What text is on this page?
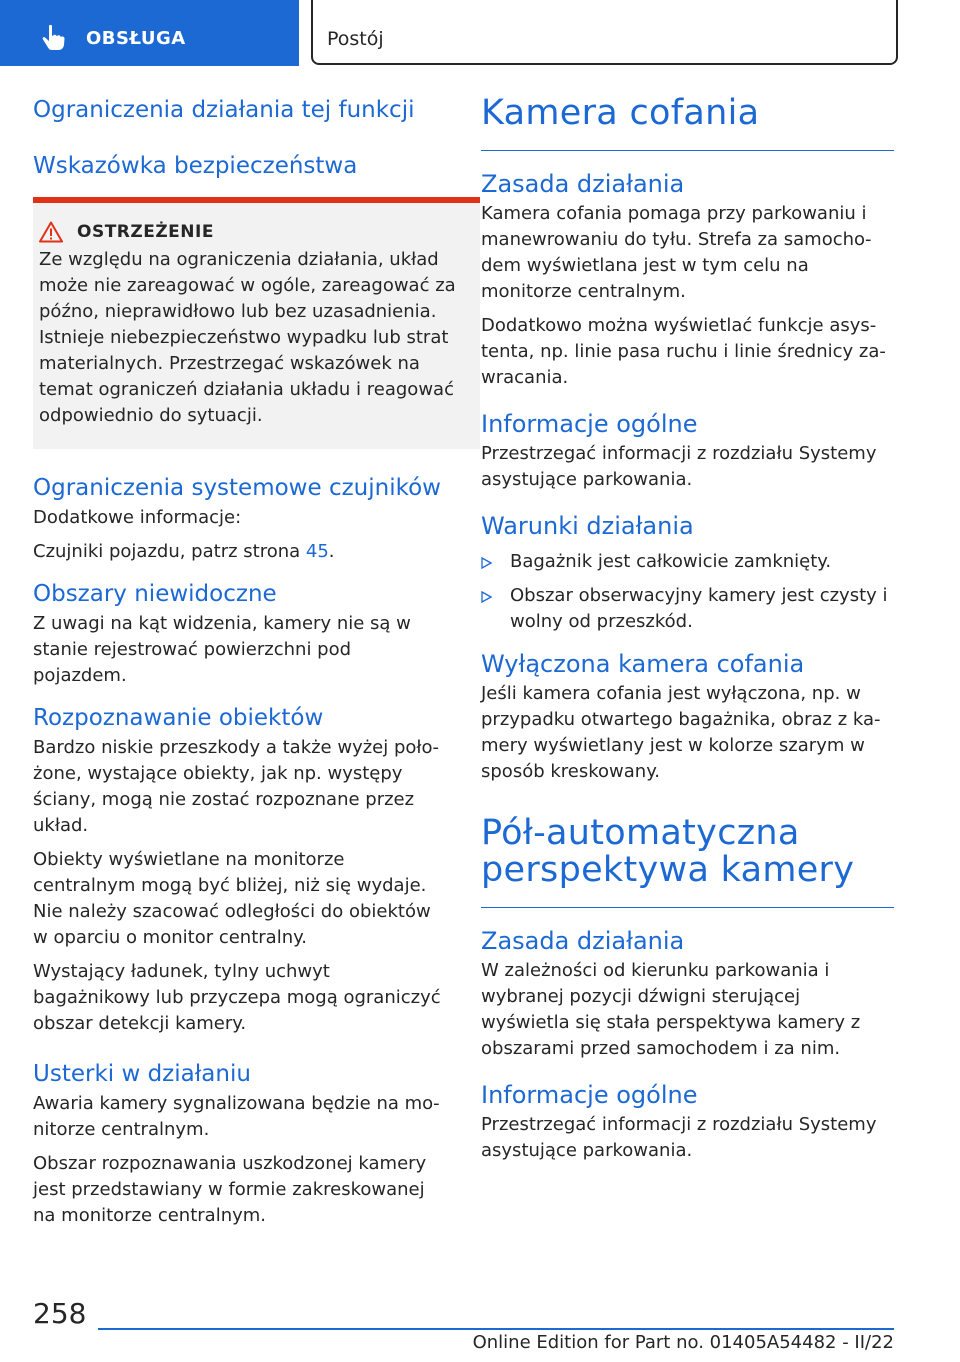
OBSŁUGA	Postój
Ograniczenia działania tej funkcji
Wskazówka bezpieczeństwa
OSTRZEŻENIE

Ze względu na ograniczenia działania, układ może nie zareagować w ogóle, zareagować za późno, nieprawidłowo lub bez uzasadnienia. Istnieje niebezpieczeństwo wypadku lub strat materialnych. Przestrzegać wskazówek na temat ograniczeń działania układu i reagować odpowiednio do sytuacji.

Ograniczenia systemowe czujników

Dodatkowe informacje:

Czujniki pojazdu, patrz strona 45.

Obszary niewidoczne

Z uwagi na kąt widzenia, kamery nie są w stanie rejestrować powierzchni pod pojazdem.

Rozpoznawanie obiektów

Bardzo niskie przeszkody a także wyżej położone, wystające obiekty, jak np. występy ściany, mogą nie zostać rozpoznane przez układ.

Obiekty wyświetlane na monitorze centralnym mogą być bliżej, niż się wydaje. Nie należy szacować odległości do obiektów w oparciu o monitor centralny.

Wystający ładunek, tylny uchwyt bagażnikowy lub przyczepa mogą ograniczyć obszar detekcji kamery.

Usterki w działaniu

Awaria kamery sygnalizowana będzie na monitorze centralnym.

Obszar rozpoznawania uszkodzonej kamery jest przedstawiany w formie zakreskowanej na monitorze centralnym.

Kamera cofania
Zasada działania

Kamera cofania pomaga przy parkowaniu i manewrowaniu do tyłu. Strefa za samochodem wyświetlana jest w tym celu na monitorze centralnym.

Dodatkowo można wyświetlać funkcje asystenta, np. linie pasa ruchu i linie średnicy zawracania.

Informacje ogólne

Przestrzegać informacji z rozdziału Systemy asystujące parkowania.

Warunki działania
Bagażnik jest całkowicie zamknięty.
Obszar obserwacyjny kamery jest czysty i wolny od przeszkód.
Wyłączona kamera cofania

Jeśli kamera cofania jest wyłączona, np. w przypadku otwartego bagażnika, obraz z kamery wyświetlany jest w kolorze szarym w sposób kreskowany.

Pół-automatyczna perspektywa kamery
Zasada działania

W zależności od kierunku parkowania i wybranej pozycji dźwigni sterującej wyświetla się stała perspektywa kamery z obszarami przed samochodem i za nim.

Informacje ogólne

Przestrzegać informacji z rozdziału Systemy asystujące parkowania.

258
Online Edition for Part no. 01405A54482 - II/22
